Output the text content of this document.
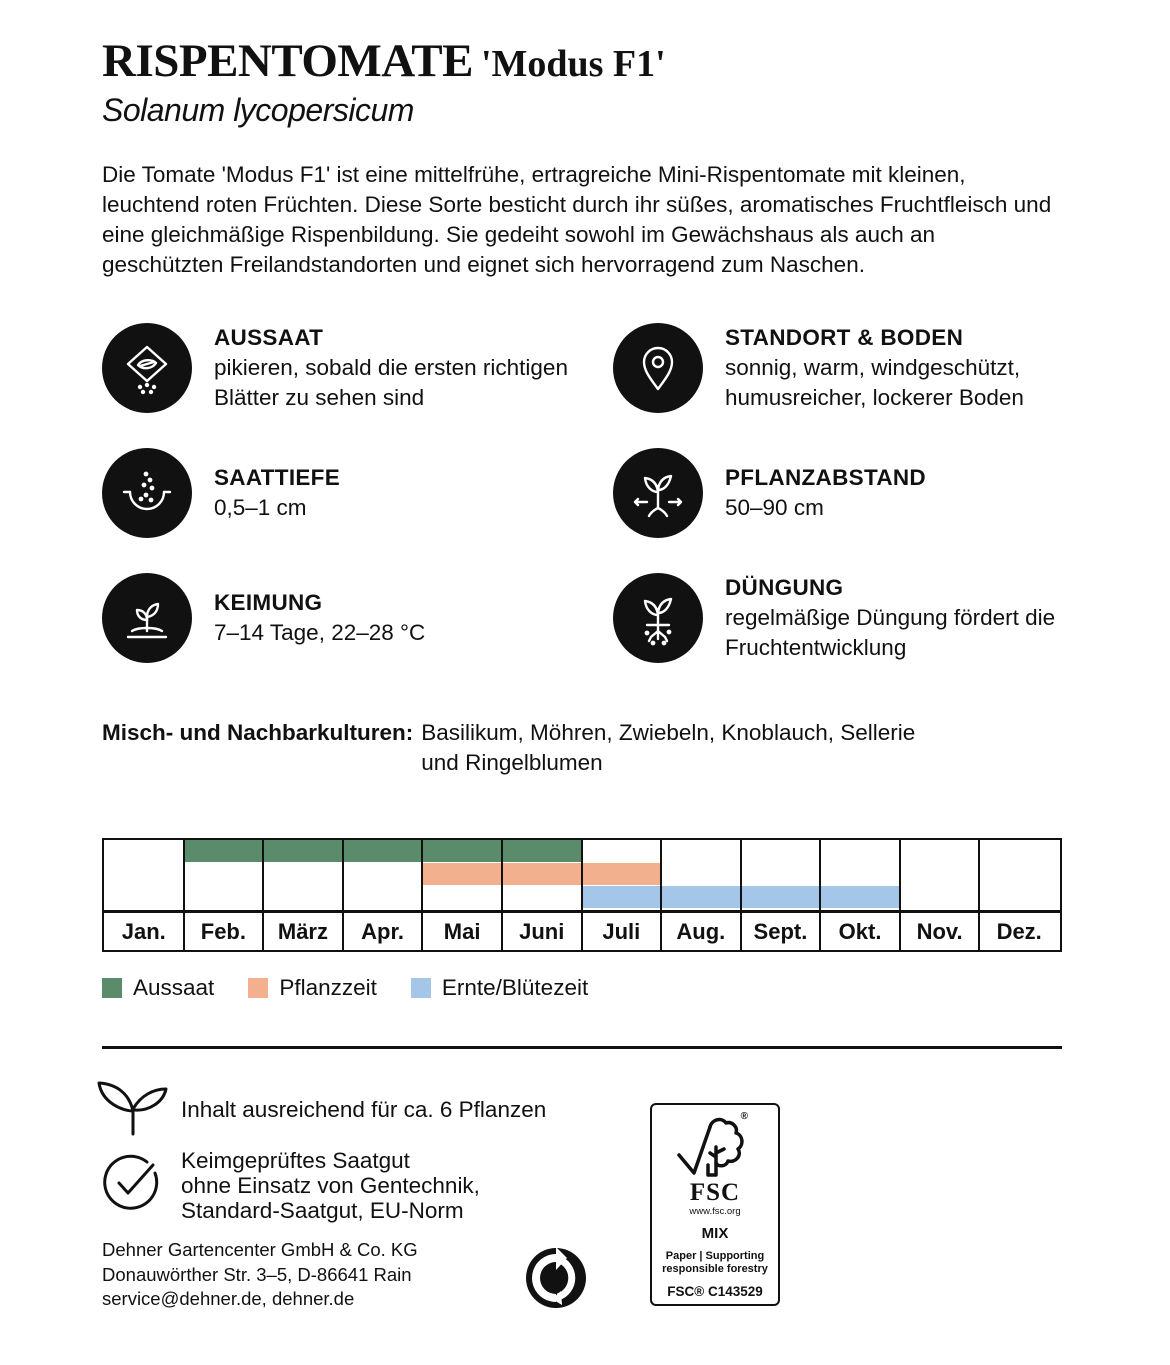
RISPENTOMATE 'Modus F1'
Solanum lycopersicum
Die Tomate 'Modus F1' ist eine mittelfrühe, ertragreiche Mini-Rispentomate mit kleinen, leuchtend roten Früchten. Diese Sorte besticht durch ihr süßes, aromatisches Fruchtfleisch und eine gleichmäßige Rispenbildung. Sie gedeiht sowohl im Gewächshaus als auch an geschützten Freilandstandorten und eignet sich hervorragend zum Naschen.
AUSSAAT
pikieren, sobald die ersten richtigen
Blätter zu sehen sind
STANDORT & BODEN
sonnig, warm, windgeschützt,
humusreicher, lockerer Boden
SAATTIEFE
0,5–1 cm
PFLANZABSTAND
50–90 cm
KEIMUNG
7–14 Tage, 22–28 °C
DÜNGUNG
regelmäßige Düngung fördert die
Fruchtentwicklung
Misch- und Nachbarkulturen: Basilikum, Möhren, Zwiebeln, Knoblauch, Sellerie und Ringelblumen
Jan.	Feb.	März	Apr.	Mai	Juni	Juli	Aug.	Sept.	Okt.	Nov.	Dez.
Aussaat	Pflanzzeit	Ernte/Blütezeit
Inhalt ausreichend für ca. 6 Pflanzen
Keimgeprüftes Saatgut
ohne Einsatz von Gentechnik,
Standard-Saatgut, EU-Norm
Dehner Gartencenter GmbH & Co. KG
Donauwörther Str. 3–5, D-86641 Rain
service@dehner.de, dehner.de
®
FSC
www.fsc.org
MIX
Paper | Supporting
responsible forestry
FSC® C143529
